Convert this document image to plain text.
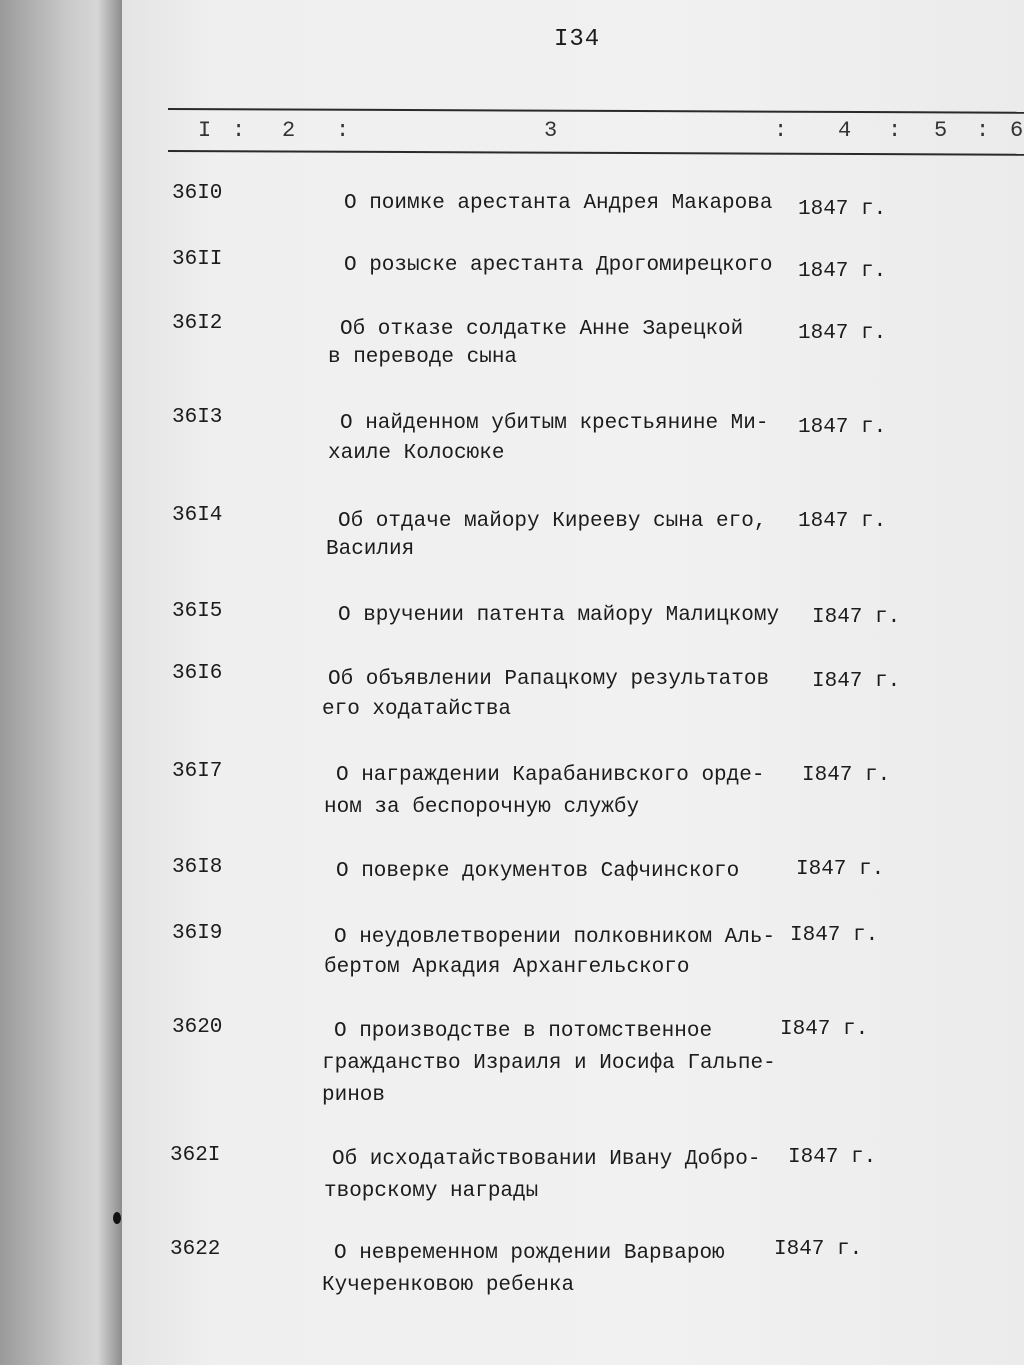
I34
I : 2 :	3	: 4 : 5 : 6
36I0	О поимке арестанта Андрея Макарова 1847 г.
36II	О розыске арестанта Дрогомирецкого 1847 г.
36I2	Об отказе солдатке Анне Зарецкой
в переводе сына
1847 г.
36I3	О найденном убитым крестьянине Ми-
хаиле Колосюке
1847 г.
36I4	Об отдаче майору Кирееву сына его,
Василия
1847 г.
36I5	О вручении патента майору Малицкому I847 г.
36I6	Об объявлении Рапацкому результатов
его ходатайства
I847 г.
36I7	О награждении Карабанивского орде-
ном за беспорочную службу
I847 г.
36I8	О поверке документов Сафчинского	I847 г.
36I9	О неудовлетворении полковником Аль-
бертом Аркадия Архангельского
I847 г.
3620	О производстве в потомственное
гражданство Израиля и Иосифа Гальпе-
ринов
I847 г.
362I	Об исходатайствовании Ивану Добро-
творскому награды
I847 г.
3622	О невременном рождении Варварою
Кучеренковою ребенка
I847 г.
